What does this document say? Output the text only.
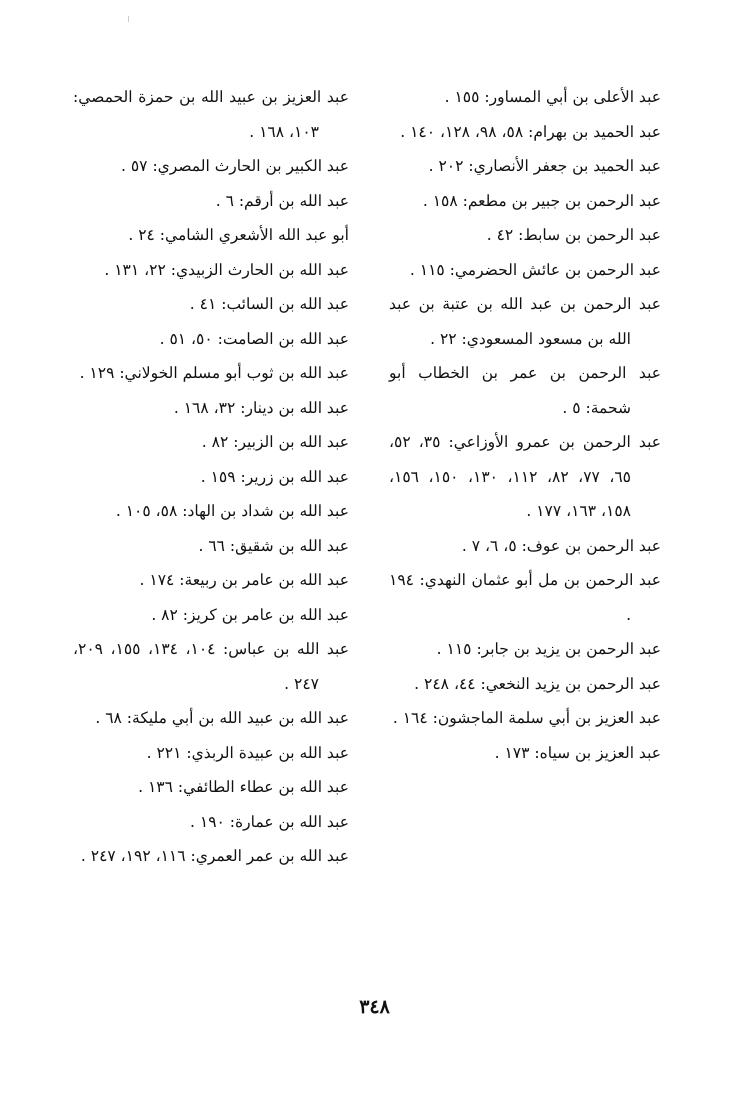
عبد الأعلى بن أبي المساور: ١٥٥ .
عبد الحميد بن بهرام: ٥٨، ٩٨، ١٢٨، ١٤٠ .
عبد الحميد بن جعفر الأنصاري: ٢٠٢ .
عبد الرحمن بن جبير بن مطعم: ١٥٨ .
عبد الرحمن بن سابط: ٤٢ .
عبد الرحمن بن عائش الحضرمي: ١١٥ .
عبد الرحمن بن عبد الله بن عتبة بن عبد الله بن مسعود المسعودي: ٢٢ .
عبد الرحمن بن عمر بن الخطاب أبو شحمة: ٥ .
عبد الرحمن بن عمرو الأوزاعي: ٣٥، ٥٢، ٦٥، ٧٧، ٨٢، ١١٢، ١٣٠، ١٥٠، ١٥٦، ١٥٨، ١٦٣، ١٧٧ .
عبد الرحمن بن عوف: ٥، ٦، ٧ .
عبد الرحمن بن مل أبو عثمان النهدي: ١٩٤ .
عبد الرحمن بن يزيد بن جابر: ١١٥ .
عبد الرحمن بن يزيد النخعي: ٤٤، ٢٤٨ .
عبد العزيز بن أبي سلمة الماجشون: ١٦٤ .
عبد العزيز بن سياه: ١٧٣ .
عبد العزيز بن عبيد الله بن حمزة الحمصي: ١٠٣، ١٦٨ .
عبد الكبير بن الحارث المصري: ٥٧ .
عبد الله بن أرقم: ٦ .
أبو عبد الله الأشعري الشامي: ٢٤ .
عبد الله بن الحارث الزبيدي: ٢٢، ١٣١ .
عبد الله بن السائب: ٤١ .
عبد الله بن الصامت: ٥٠، ٥١ .
عبد الله بن ثوب أبو مسلم الخولاني: ١٢٩ .
عبد الله بن دينار: ٣٢، ١٦٨ .
عبد الله بن الزبير: ٨٢ .
عبد الله بن زرير: ١٥٩ .
عبد الله بن شداد بن الهاد: ٥٨، ١٠٥ .
عبد الله بن شقيق: ٦٦ .
عبد الله بن عامر بن ربيعة: ١٧٤ .
عبد الله بن عامر بن كريز: ٨٢ .
عبد الله بن عباس: ١٠٤، ١٣٤، ١٥٥، ٢٠٩، ٢٤٧ .
عبد الله بن عبيد الله بن أبي مليكة: ٦٨ .
عبد الله بن عبيدة الربذي: ٢٢١ .
عبد الله بن عطاء الطائفي: ١٣٦ .
عبد الله بن عمارة: ١٩٠ .
عبد الله بن عمر العمري: ١١٦، ١٩٢، ٢٤٧ .
٣٤٨
